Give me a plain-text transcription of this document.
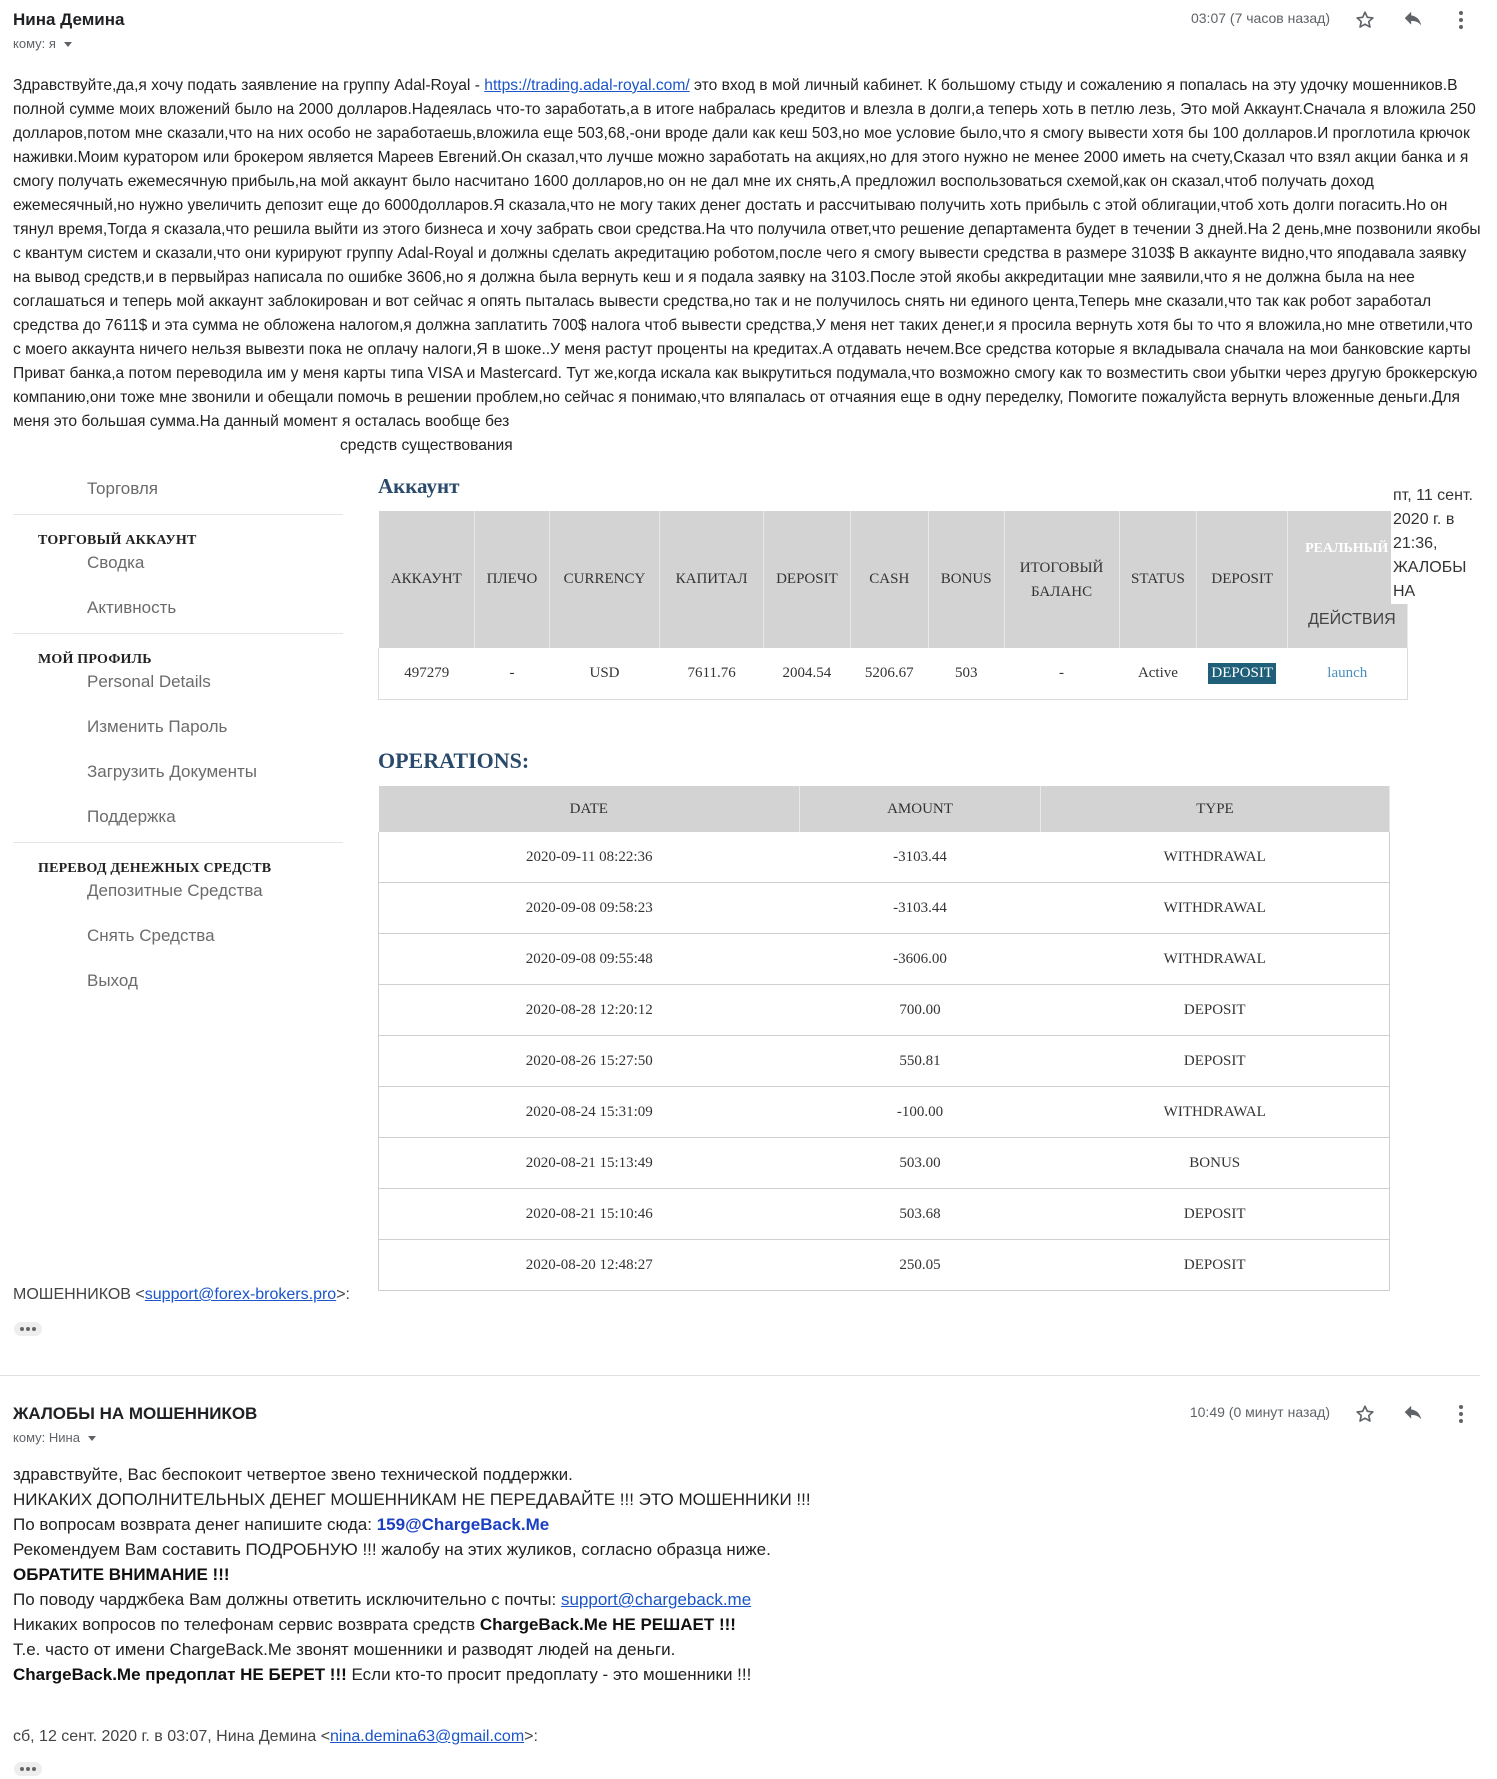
Нина Демина
кому: я
03:07 (7 часов назад)
Здравствуйте,да,я хочу подать заявление на группу Adal-Royal - https://trading.adal-royal.com/ это вход в мой личный кабинет. К большому стыду и сожалению я попалась на эту удочку мошенников.В полной сумме моих вложений было на 2000 долларов.Надеялась что-то заработать,а в итоге набралась кредитов и влезла в долги,а теперь хоть в петлю лезь, Это мой Аккаунт.Сначала я вложила 250 долларов,потом мне сказали,что на них особо не заработаешь,вложила еще 503,68,-они вроде дали как кеш 503,но мое условие было,что я смогу вывести хотя бы 100 долларов.И проглотила крючок наживки.Моим куратором или брокером является Мареев Евгений.Он сказал,что лучше можно заработать на акциях,но для этого нужно не менее 2000 иметь на счету,Сказал что взял акции банка и я смогу получать ежемесячную прибыль,на мой аккаунт было насчитано 1600 долларов,но он не дал мне их снять,А предложил воспользоваться схемой,как он сказал,чтоб получать доход ежемесячный,но нужно увеличить депозит еще до 6000долларов.Я сказала,что не могу таких денег достать и рассчитываю получить хоть прибыль с этой облигации,чтоб хоть долги погасить.Но он тянул время,Тогда я сказала,что решила выйти из этого бизнеса и хочу забрать свои средства.На что получила ответ,что решение департамента будет в течении 3 дней.На 2 день,мне позвонили якобы с квантум систем и сказали,что они курируют группу Adal-Royal и должны сделать акредитацию роботом,после чего я смогу вывести средства в размере 3103$ В аккаунте видно,что яподавала заявку на вывод средств,и в первыйраз написала по ошибке 3606,но я должна была вернуть кеш и я подала заявку на 3103.После этой якобы аккредитации мне заявили,что я не должна была на нее соглашаться и теперь мой аккаунт заблокирован и вот сейчас я опять пыталась вывести средства,но так и не получилось снять ни единого цента,Теперь мне сказали,что так как робот заработал средства до 7611$ и эта сумма не обложена налогом,я должна заплатить 700$ налога чтоб вывести средства,У меня нет таких денег,и я просила вернуть хотя бы то что я вложила,но мне ответили,что с моего аккаунта ничего нельзя вывезти пока не оплачу налоги,Я в шоке..У меня растут проценты на кредитах.А отдавать нечем.Все средства которые я вкладывала сначала на мои банковские карты Приват банка,а потом переводила им у меня карты типа VISA и Mastercard. Тут же,когда искала как выкрутиться подумала,что возможно смогу как то возместить свои убытки через другую броккерскую компанию,они тоже мне звонили и обещали помочь в решении проблем,но сейчас я понимаю,что вляпалась от отчаяния еще в одну переделку, Помогите пожалуйста вернуть вложенные деньги.Для меня это большая сумма.На данный момент я осталась вообще без
средств существования
Торговля
ТОРГОВЫЙ АККАУНТ
Сводка
Активность
МОЙ ПРОФИЛЬ
Personal Details
Изменить Пароль
Загрузить Документы
Поддержка
ПЕРЕВОД ДЕНЕЖНЫХ СРЕДСТВ
Депозитные Средства
Снять Средства
Выход
Аккаунт
АККАУНТ	ПЛЕЧО	CURRENCY	КАПИТАЛ	DEPOSIT	CASH	BONUS	ИТОГОВЫЙ БАЛАНС	STATUS	DEPOSIT	РЕАЛЬНЫЙ
ДЕЙСТВИЯ

497279	-	USD	7611.76	2004.54	5206.67	503	-	Active	DEPOSIT	launch
пт, 11 сент. 2020 г. в 21:36, ЖАЛОБЫ НА
OPERATIONS:
DATE	AMOUNT	TYPE
2020-09-11 08:22:36	-3103.44	WITHDRAWAL
2020-09-08 09:58:23	-3103.44	WITHDRAWAL
2020-09-08 09:55:48	-3606.00	WITHDRAWAL
2020-08-28 12:20:12	700.00	DEPOSIT
2020-08-26 15:27:50	550.81	DEPOSIT
2020-08-24 15:31:09	-100.00	WITHDRAWAL
2020-08-21 15:13:49	503.00	BONUS
2020-08-21 15:10:46	503.68	DEPOSIT
2020-08-20 12:48:27	250.05	DEPOSIT
МОШЕННИКОВ <support@forex-brokers.pro>:
ЖАЛОБЫ НА МОШЕННИКОВ
кому: Нина
10:49 (0 минут назад)
здравствуйте, Вас беспокоит четвертое звено технической поддержки.
НИКАКИХ ДОПОЛНИТЕЛЬНЫХ ДЕНЕГ МОШЕННИКАМ НЕ ПЕРЕДАВАЙТЕ !!! ЭТО МОШЕННИКИ !!!
По вопросам возврата денег напишите сюда: 159@ChargeBack.Me
Рекомендуем Вам составить ПОДРОБНУЮ !!! жалобу на этих жуликов, согласно образца ниже.
ОБРАТИТЕ ВНИМАНИЕ !!!
По поводу чарджбека Вам должны ответить исключительно с почты: support@chargeback.me
Никаких вопросов по телефонам сервис возврата средств ChargeBack.Me НЕ РЕШАЕТ !!!
Т.е. часто от имени ChargeBack.Me звонят мошенники и разводят людей на деньги.
ChargeBack.Me предоплат НЕ БЕРЕТ !!! Если кто-то просит предоплату - это мошенники !!!
сб, 12 сент. 2020 г. в 03:07, Нина Демина <nina.demina63@gmail.com>:
